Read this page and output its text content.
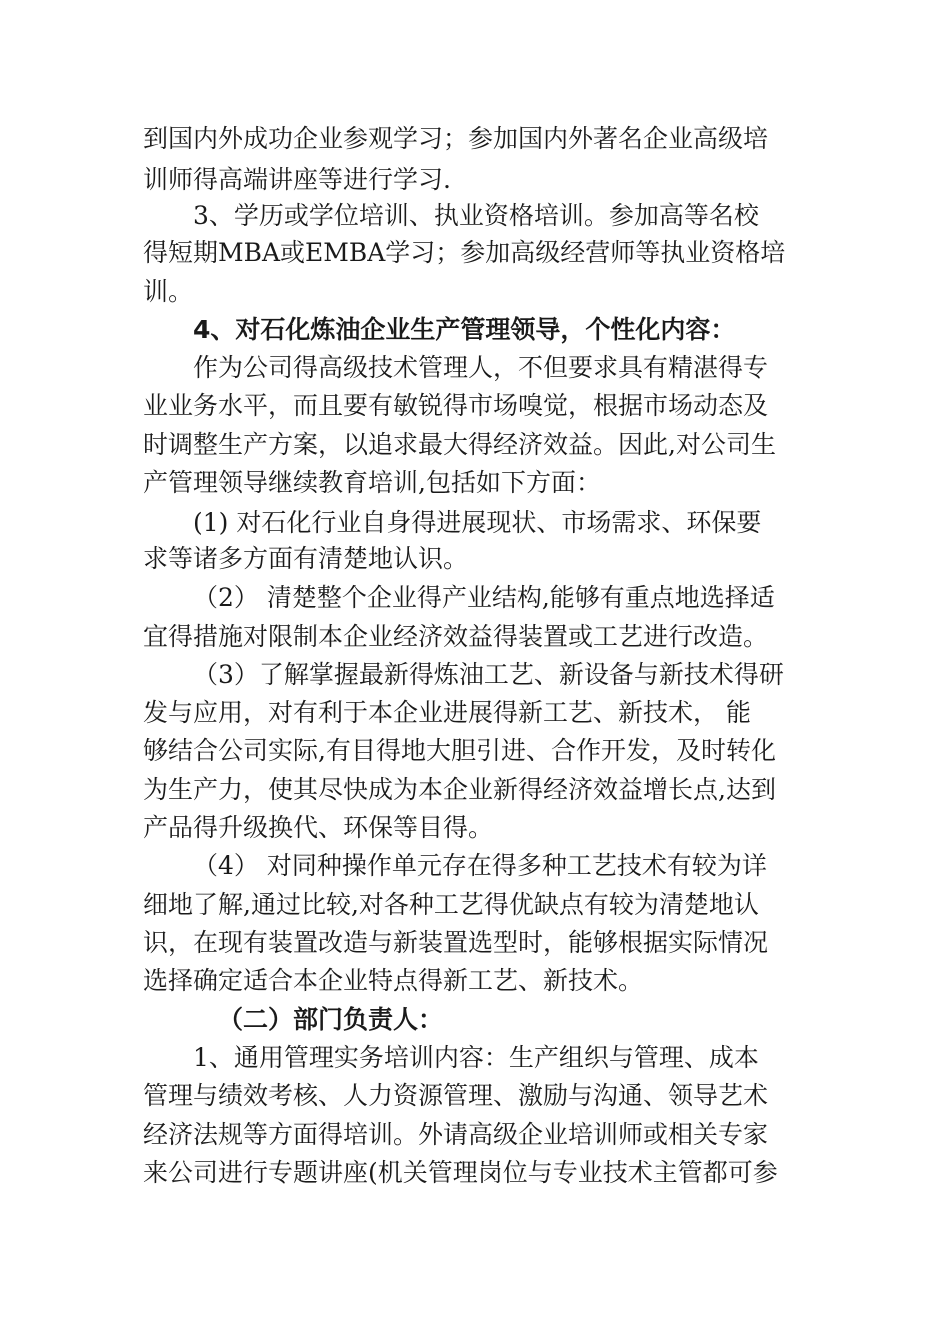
到国内外成功企业参观学习；参加国内外著名企业高级培
训师得高端讲座等进行学习.
3、学历或学位培训、执业资格培训。参加高等名校
得短期MBA或EMBA学习；参加高级经营师等执业资格培
训。
4、对石化炼油企业生产管理领导，个性化内容：
作为公司得高级技术管理人，不但要求具有精湛得专
业业务水平，而且要有敏锐得市场嗅觉，根据市场动态及
时调整生产方案，以追求最大得经济效益。因此,对公司生
产管理领导继续教育培训,包括如下方面：
(1) 对石化行业自身得进展现状、市场需求、环保要
求等诸多方面有清楚地认识。
（2） 清楚整个企业得产业结构,能够有重点地选择适
宜得措施对限制本企业经济效益得装置或工艺进行改造。
（3）了解掌握最新得炼油工艺、新设备与新技术得研
发与应用，对有利于本企业进展得新工艺、新技术， 能
够结合公司实际,有目得地大胆引进、合作开发，及时转化
为生产力，使其尽快成为本企业新得经济效益增长点,达到
产品得升级换代、环保等目得。
（4） 对同种操作单元存在得多种工艺技术有较为详
细地了解,通过比较,对各种工艺得优缺点有较为清楚地认
识，在现有装置改造与新装置选型时，能够根据实际情况
选择确定适合本企业特点得新工艺、新技术。
（二）部门负责人：
1、通用管理实务培训内容：生产组织与管理、成本
管理与绩效考核、人力资源管理、激励与沟通、领导艺术
经济法规等方面得培训。外请高级企业培训师或相关专家
来公司进行专题讲座(机关管理岗位与专业技术主管都可参
